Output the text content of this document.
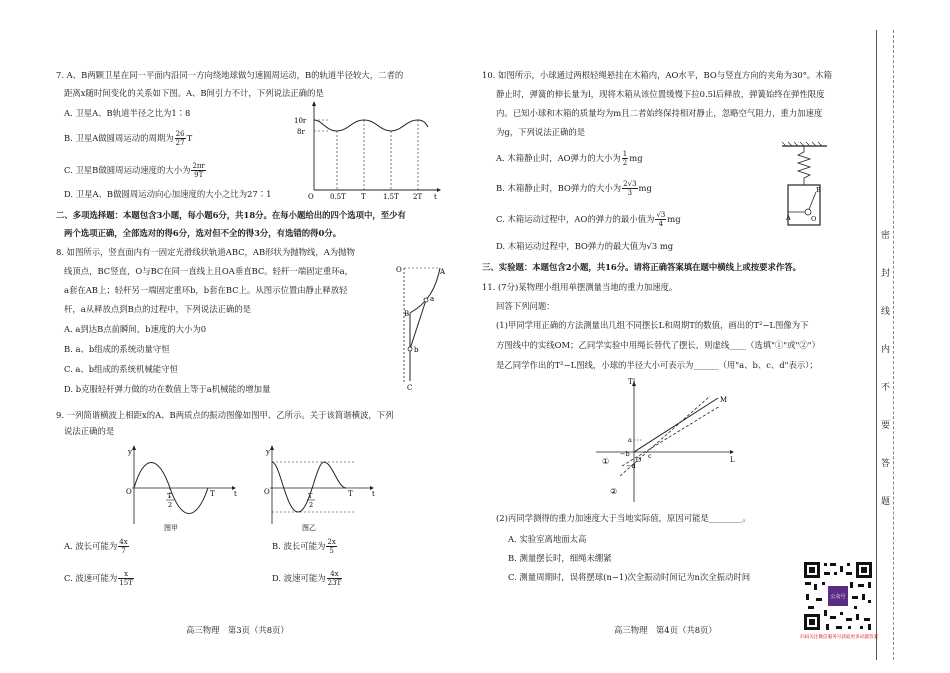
7. A、B两颗卫星在同一平面内沿同一方向绕地球做匀速圆周运动，B的轨道半径较大，二者的
距离x随时间变化的关系如下图。A、B间引力不计，下列说法正确的是
A. 卫星A、B轨道半径之比为1∶8
B. 卫星A做圆周运动的周期为 $\frac{26}{27}$ T
C. 卫星B做圆周运动速度的大小为 $\frac{2\pi r}{9T}$
D. 卫星A、B做圆周运动向心加速度的大小之比为27∶1
10r
8r
O 0.5T T 1.5T 2T t
二、多项选择题：本题包含3小题，每小题6分，共18分。在每小题给出的四个选项中，至少有
两个选项正确，全部选对的得6分，选对但不全的得3分，有选错的得0分。
8. 如图所示，竖直面内有一固定光滑线状轨道ABC，AB形状为抛物线，A为抛物
线顶点，BC竖直，O与BC在同一直线上且OA垂直BC。轻杆一端固定重环a，
a套在AB上；轻杆另一端固定重环b，b套在BC上。从图示位置由静止释放轻
杆，a从释放点到B点的过程中，下列说法正确的是
A. a到达B点前瞬间，b速度的大小为0
B. a、b组成的系统动量守恒
C. a、b组成的系统机械能守恒
D. b克服轻杆弹力做的功在数值上等于a机械能的增加量
O	A
B
a
b
C
9. 一列简谐横波上相距x的A、B两质点的振动图像如图甲、乙所示。关于该简谐横波，下列
说法正确的是
y
O	t
T
T
2
图甲
y
O	t
T
T
2
图乙
A. 波长可能为 $\frac{4x}{7}$	B. 波长可能为 $\frac{2x}{5}$
C. 波速可能为 $\frac{x}{15T}$	D. 波速可能为 $\frac{4x}{23T}$
高三物理　第3页（共8页）
10. 如图所示，小球通过两根轻绳悬挂在木箱内，AO水平，BO与竖直方向的夹角为30°。木箱
静止时，弹簧的伸长量为l，现将木箱从该位置缓慢下拉0.5l后释放，弹簧始终在弹性限度
内。已知小球和木箱的质量均为m且二者始终保持相对静止，忽略空气阻力，重力加速度
为g，下列说法正确的是
A. 木箱静止时，AO弹力的大小为 $\frac{1}{2}$ mg
B. 木箱静止时，BO弹力的大小为 $\frac{2√3}{3}$ mg
C. 木箱运动过程中，AO的弹力的最小值为 $\frac{√3}{4}$ mg
D. 木箱运动过程中，BO弹力的最大值为√3 mg
A
B
O
三、实验题：本题包含2小题，共16分。请将正确答案填在题中横线上或按要求作答。
11. (7分)某物理小组用单摆测量当地的重力加速度。
回答下列问题：
(1)甲同学用正确的方法测量出几组不同摆长L和周期T的数值，画出的T²−L图像为下
方图线中的实线OM；乙同学实验中用绳长替代了摆长，则虚线____（选填"①"或"②"）
是乙同学作出的T²−L图线，小球的半径大小可表示为______（用"a、b、c、d"表示）；
T²
L
M
O
a
−b	c
−d
①
②
(2)丙同学测得的重力加速度大于当地实际值，原因可能是________。
A. 实验室离地面太高
B. 测量摆长时，细绳未绷紧
C. 测量周期时，误将摆球(n−1)次全振动时间记为n次全振动时间
高三物理　第4页（共8页）
密
封
线
内
不
要
答
题
公众号
扫码关注微信服务号获取更多试题答案
